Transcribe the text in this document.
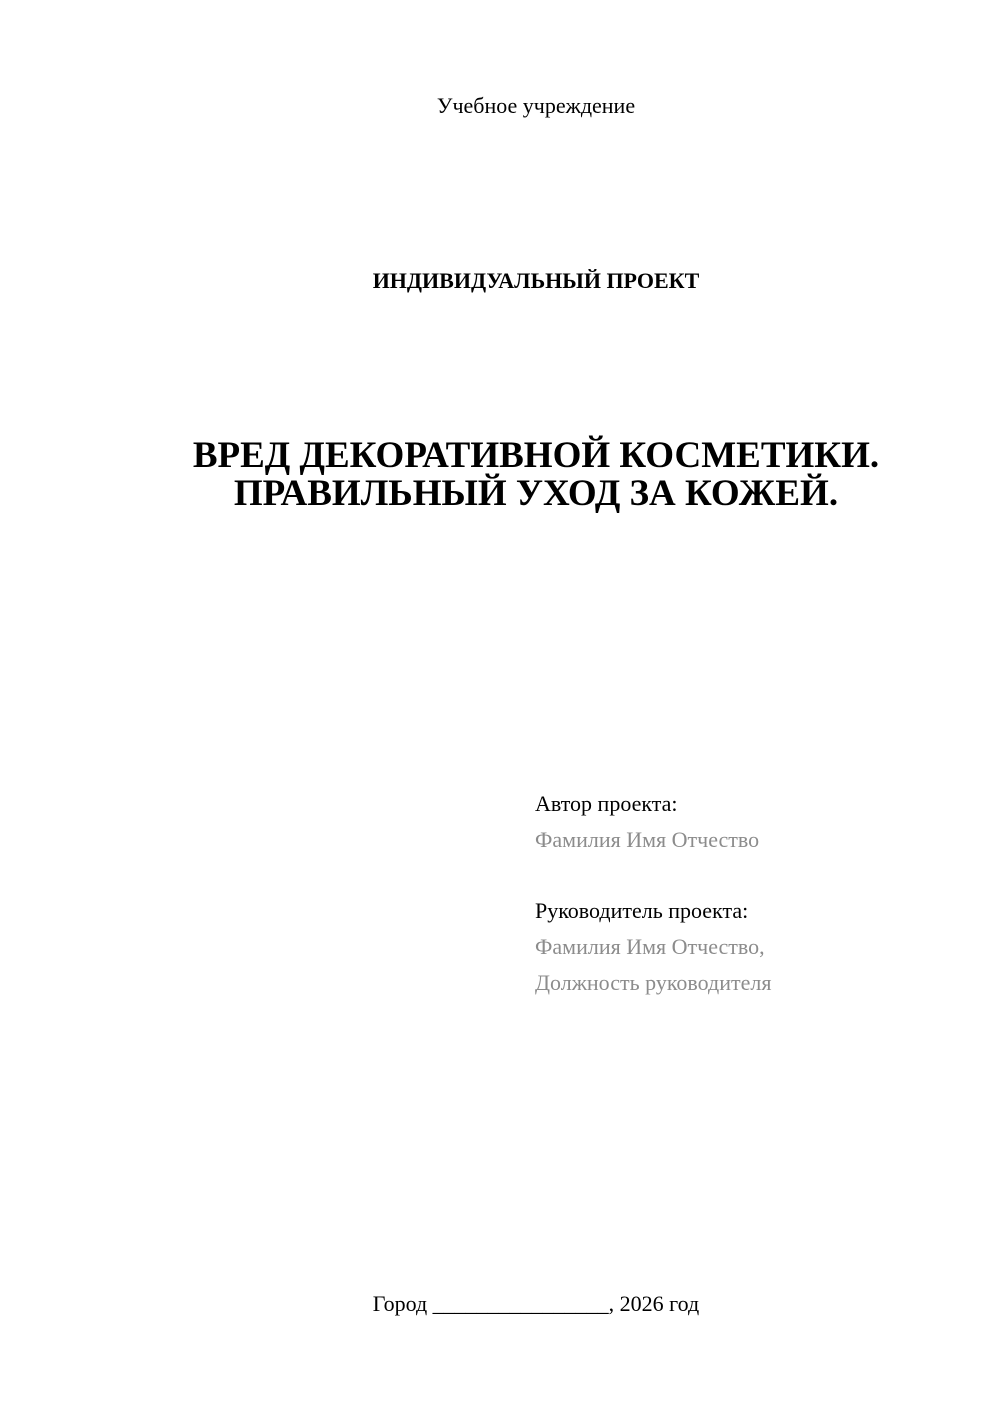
Учебное учреждение
ИНДИВИДУАЛЬНЫЙ ПРОЕКТ
ВРЕД ДЕКОРАТИВНОЙ КОСМЕТИКИ.
ПРАВИЛЬНЫЙ УХОД ЗА КОЖЕЙ.
Автор проекта:
Фамилия Имя Отчество
Руководитель проекта:
Фамилия Имя Отчество,
Должность руководителя
Город ________________, 2026 год
